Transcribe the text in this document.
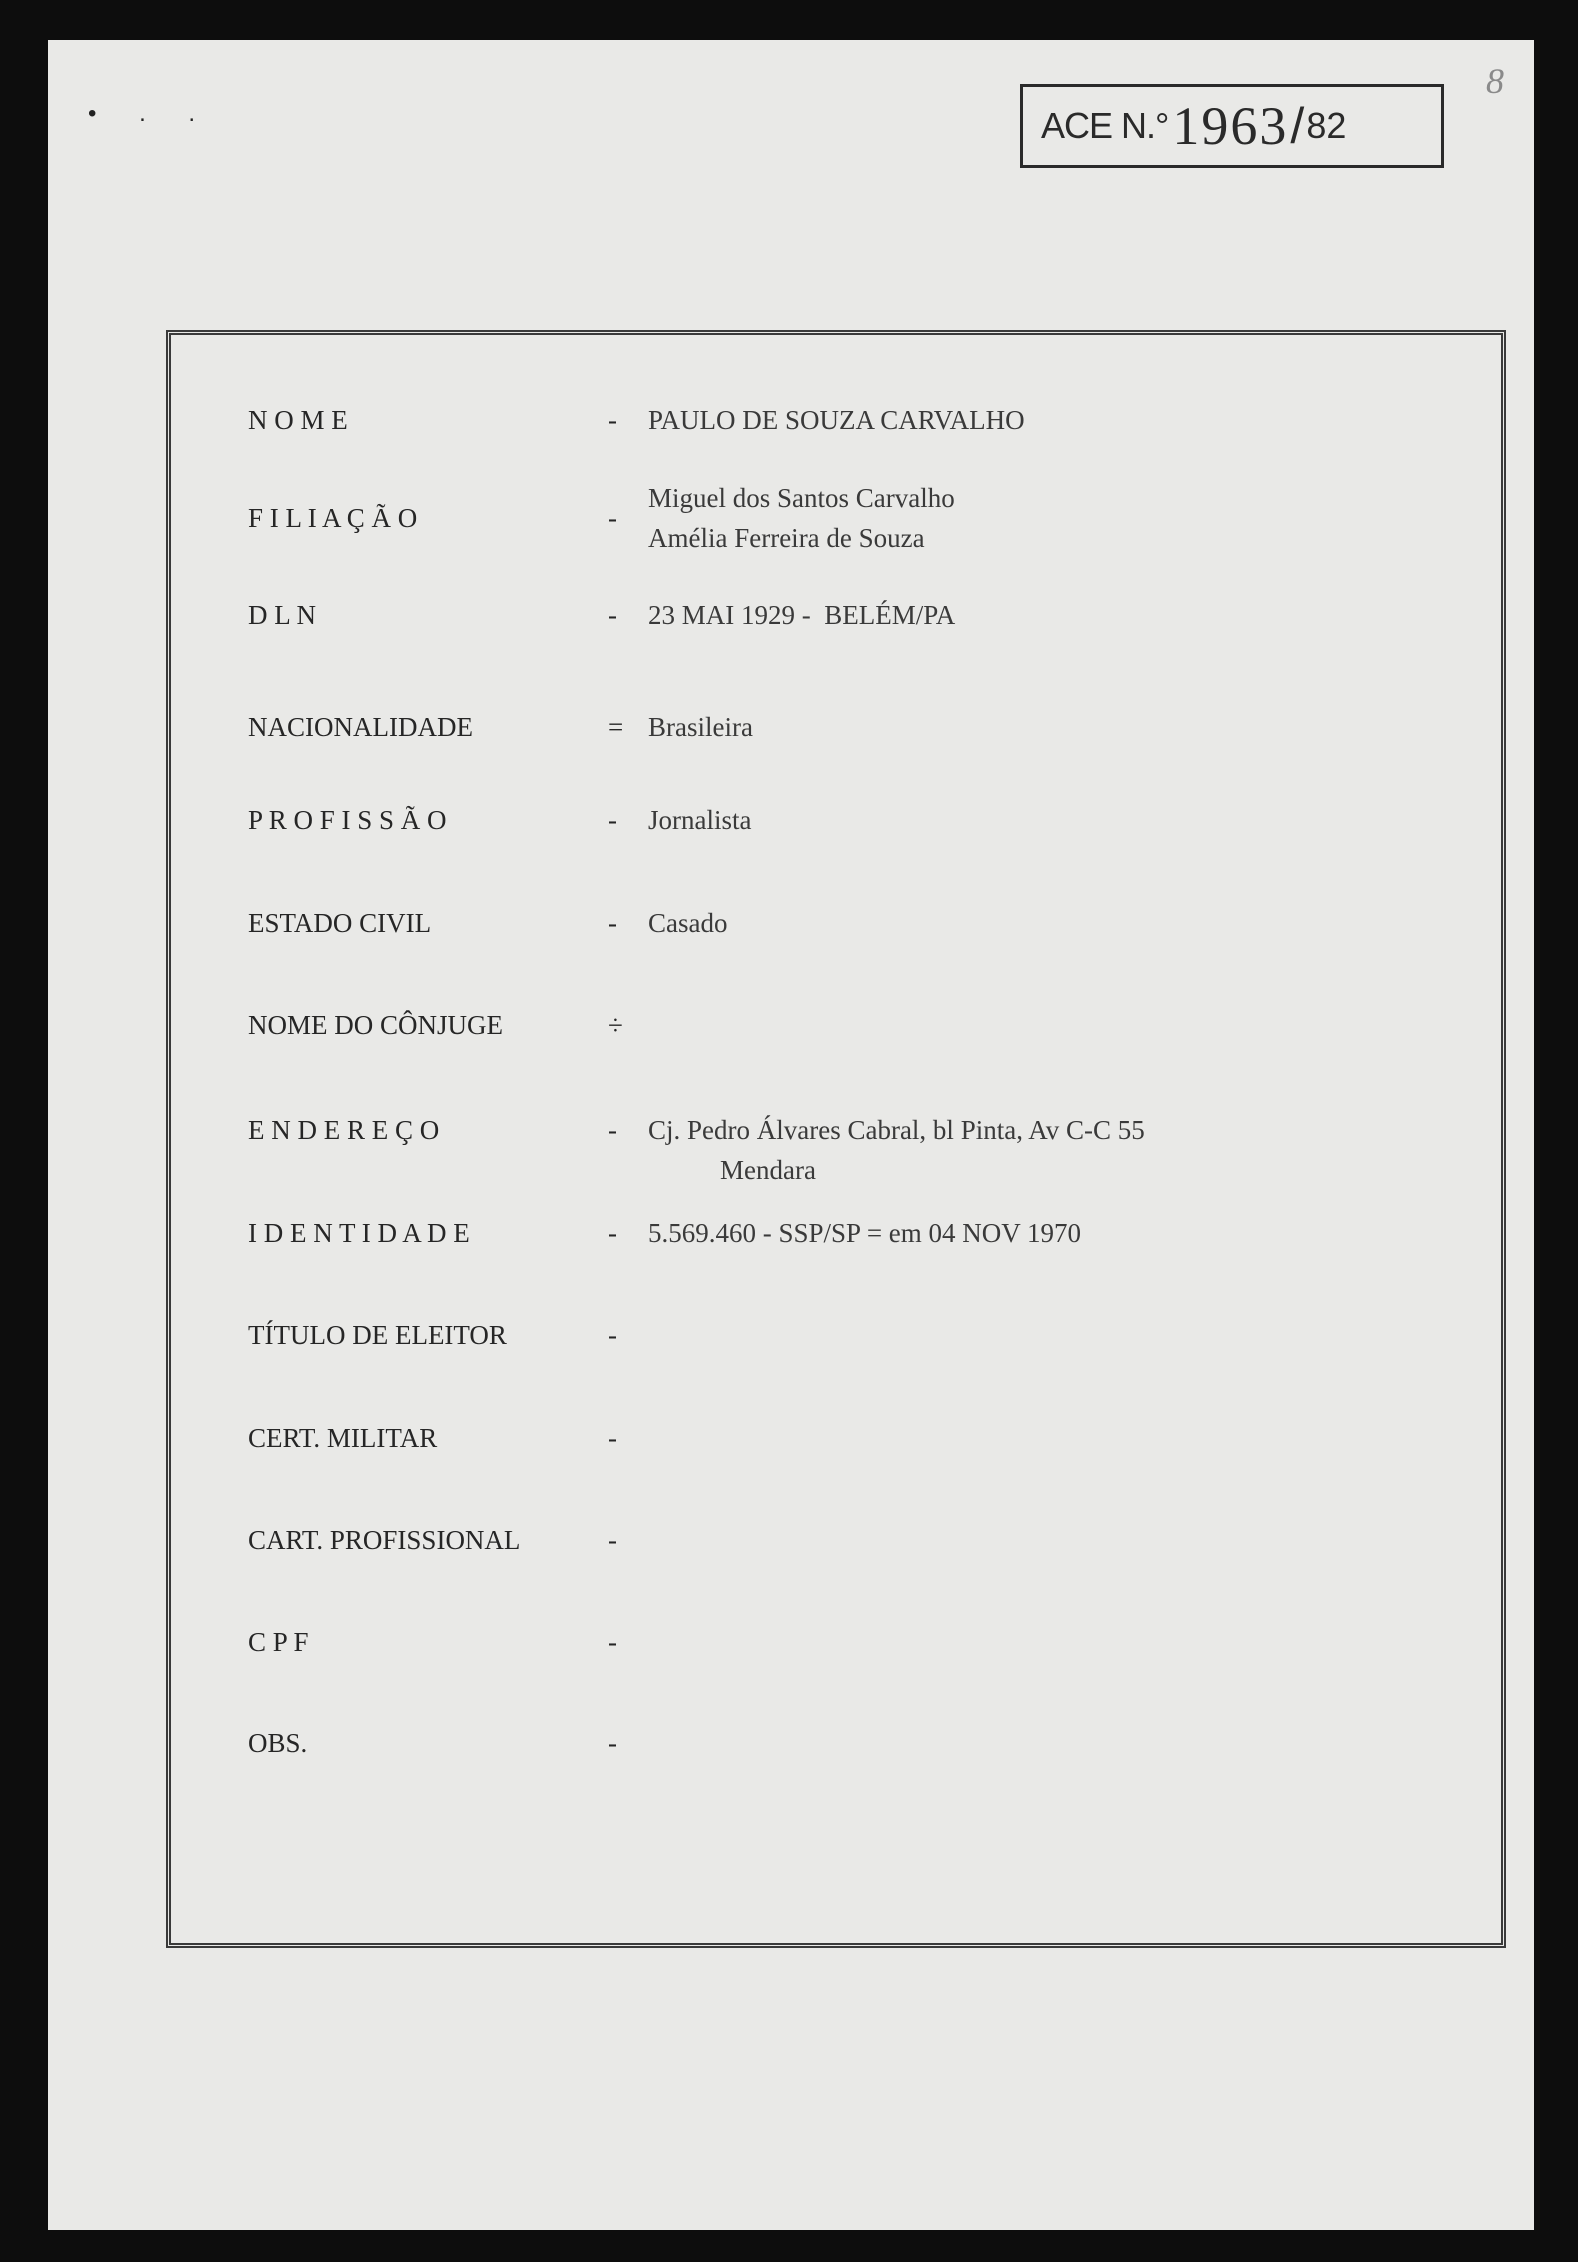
• . .	ACE N.° 1963 / 82
8
N O M E	-	PAULO DE SOUZA CARVALHO
F I L I A Ç Ã O	-
Miguel dos Santos Carvalho
Amélia Ferreira de Souza
D L N	-	23 MAI 1929 -  BELÉM/PA
NACIONALIDADE	= Brasileira
P R O F I S S Ã O	-	Jornalista
ESTADO CIVIL	-	Casado
NOME DO CÔNJUGE	÷
E N D E R E Ç O	-	Cj. Pedro Álvares Cabral, bl Pinta, Av C-C 55
Mendara
I D E N T I D A D E	-	5.569.460 - SSP/SP = em 04 NOV 1970
TÍTULO DE ELEITOR	-
CERT. MILITAR	-
CART. PROFISSIONAL	-
C P F	-
OBS.	-
